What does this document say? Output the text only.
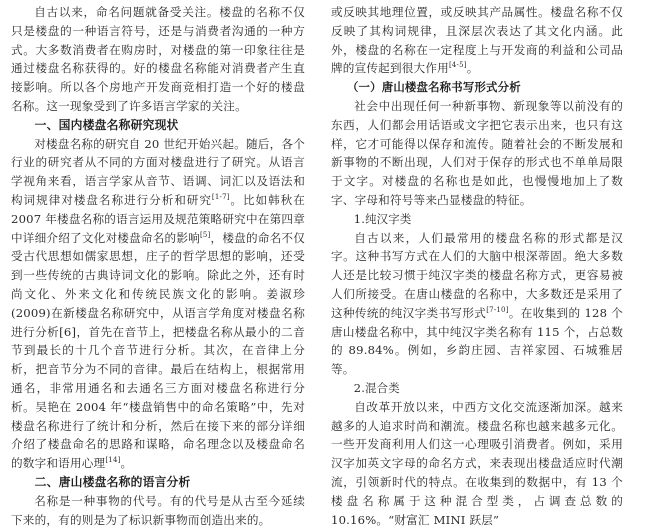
自古以来，命名问题就备受关注。楼盘的名称不仅只是楼盘的一种语言符号，还是与消费者沟通的一种方式。大多数消费者在购房时，对楼盘的第一印象往往是通过楼盘名称获得的。好的楼盘名称能对消费者产生直接影响。所以各个房地产开发商竞相打造一个好的楼盘名称。这一现象受到了许多语言学家的关注。

一、国内楼盘名称研究现状

对楼盘名称的研究自 20 世纪开始兴起。随后，各个行业的研究者从不同的方面对楼盘进行了研究。从语言学视角来看，语言学家从音节、语调、词汇以及语法和构词规律对楼盘名称进行分析和研究[1-7]。比如韩秋在 2007 年楼盘名称的语言运用及规范策略研究中在第四章中详细介绍了文化对楼盘命名的影响[5]，楼盘的命名不仅受古代思想如儒家思想，庄子的哲学思想的影响，还受到一些传统的古典诗词文化的影响。除此之外，还有时尚文化、外来文化和传统民族文化的影响。姜淑珍(2009)在新楼盘名称研究中，从语言学角度对楼盘名称进行分析[6]，首先在音节上，把楼盘名称从最小的二音节到最长的十几个音节进行分析。其次，在音律上分析，把音节分为不同的音律。最后在结构上，根据常用通名，非常用通名和去通名三方面对楼盘名称进行分析。吴艳在 2004 年“楼盘销售中的命名策略”中，先对楼盘名称进行了统计和分析，然后在接下来的部分详细介绍了楼盘命名的思路和谋略，命名理念以及楼盘命名的数字和语用心理[14]。

二、唐山楼盘名称的语言分析

名称是一种事物的代号。有的代号是从古至今延续下来的，有的则是为了标识新事物而创造出来的。

或反映其地理位置，或反映其产品属性。楼盘名称不仅反映了其构词规律，且深层次表达了其文化内涵。此外，楼盘的名称在一定程度上与开发商的利益和公司品牌的宣传起到很大作用[4-5]。

（一）唐山楼盘名称书写形式分析

社会中出现任何一种新事物、新现象等以前没有的东西，人们都会用话语或文字把它表示出来，也只有这样，它才可能得以保存和流传。随着社会的不断发展和新事物的不断出现，人们对于保存的形式也不单单局限于文字。对楼盘的名称也是如此，也慢慢地加上了数字、字母和符号等来凸显楼盘的特征。

1.纯汉字类

自古以来，人们最常用的楼盘名称的形式都是汉字。这种书写方式在人们的大脑中根深蒂固。绝大多数人还是比较习惯于纯汉字类的楼盘名称方式，更容易被人们所接受。在唐山楼盘的名称中，大多数还是采用了这种传统的纯汉字类书写形式[7-10]。在收集到的 128 个唐山楼盘名称中，其中纯汉字类名称有 115 个，占总数的 89.84%。例如，乡韵庄园、吉祥家园、石城雅居等。

2.混合类

自改革开放以来，中西方文化交流逐渐加深。越来越多的人追求时尚和潮流。楼盘名称也越来越多元化。一些开发商利用人们这一心理吸引消费者。例如，采用汉字加英文字母的命名方式，来表现出楼盘适应时代潮流，引领新时代的特点。在收集到的数据中，有 13 个楼盘名称属于这种混合型类，占调查总数的 10.16%。“财富汇 MINI 跃层”
